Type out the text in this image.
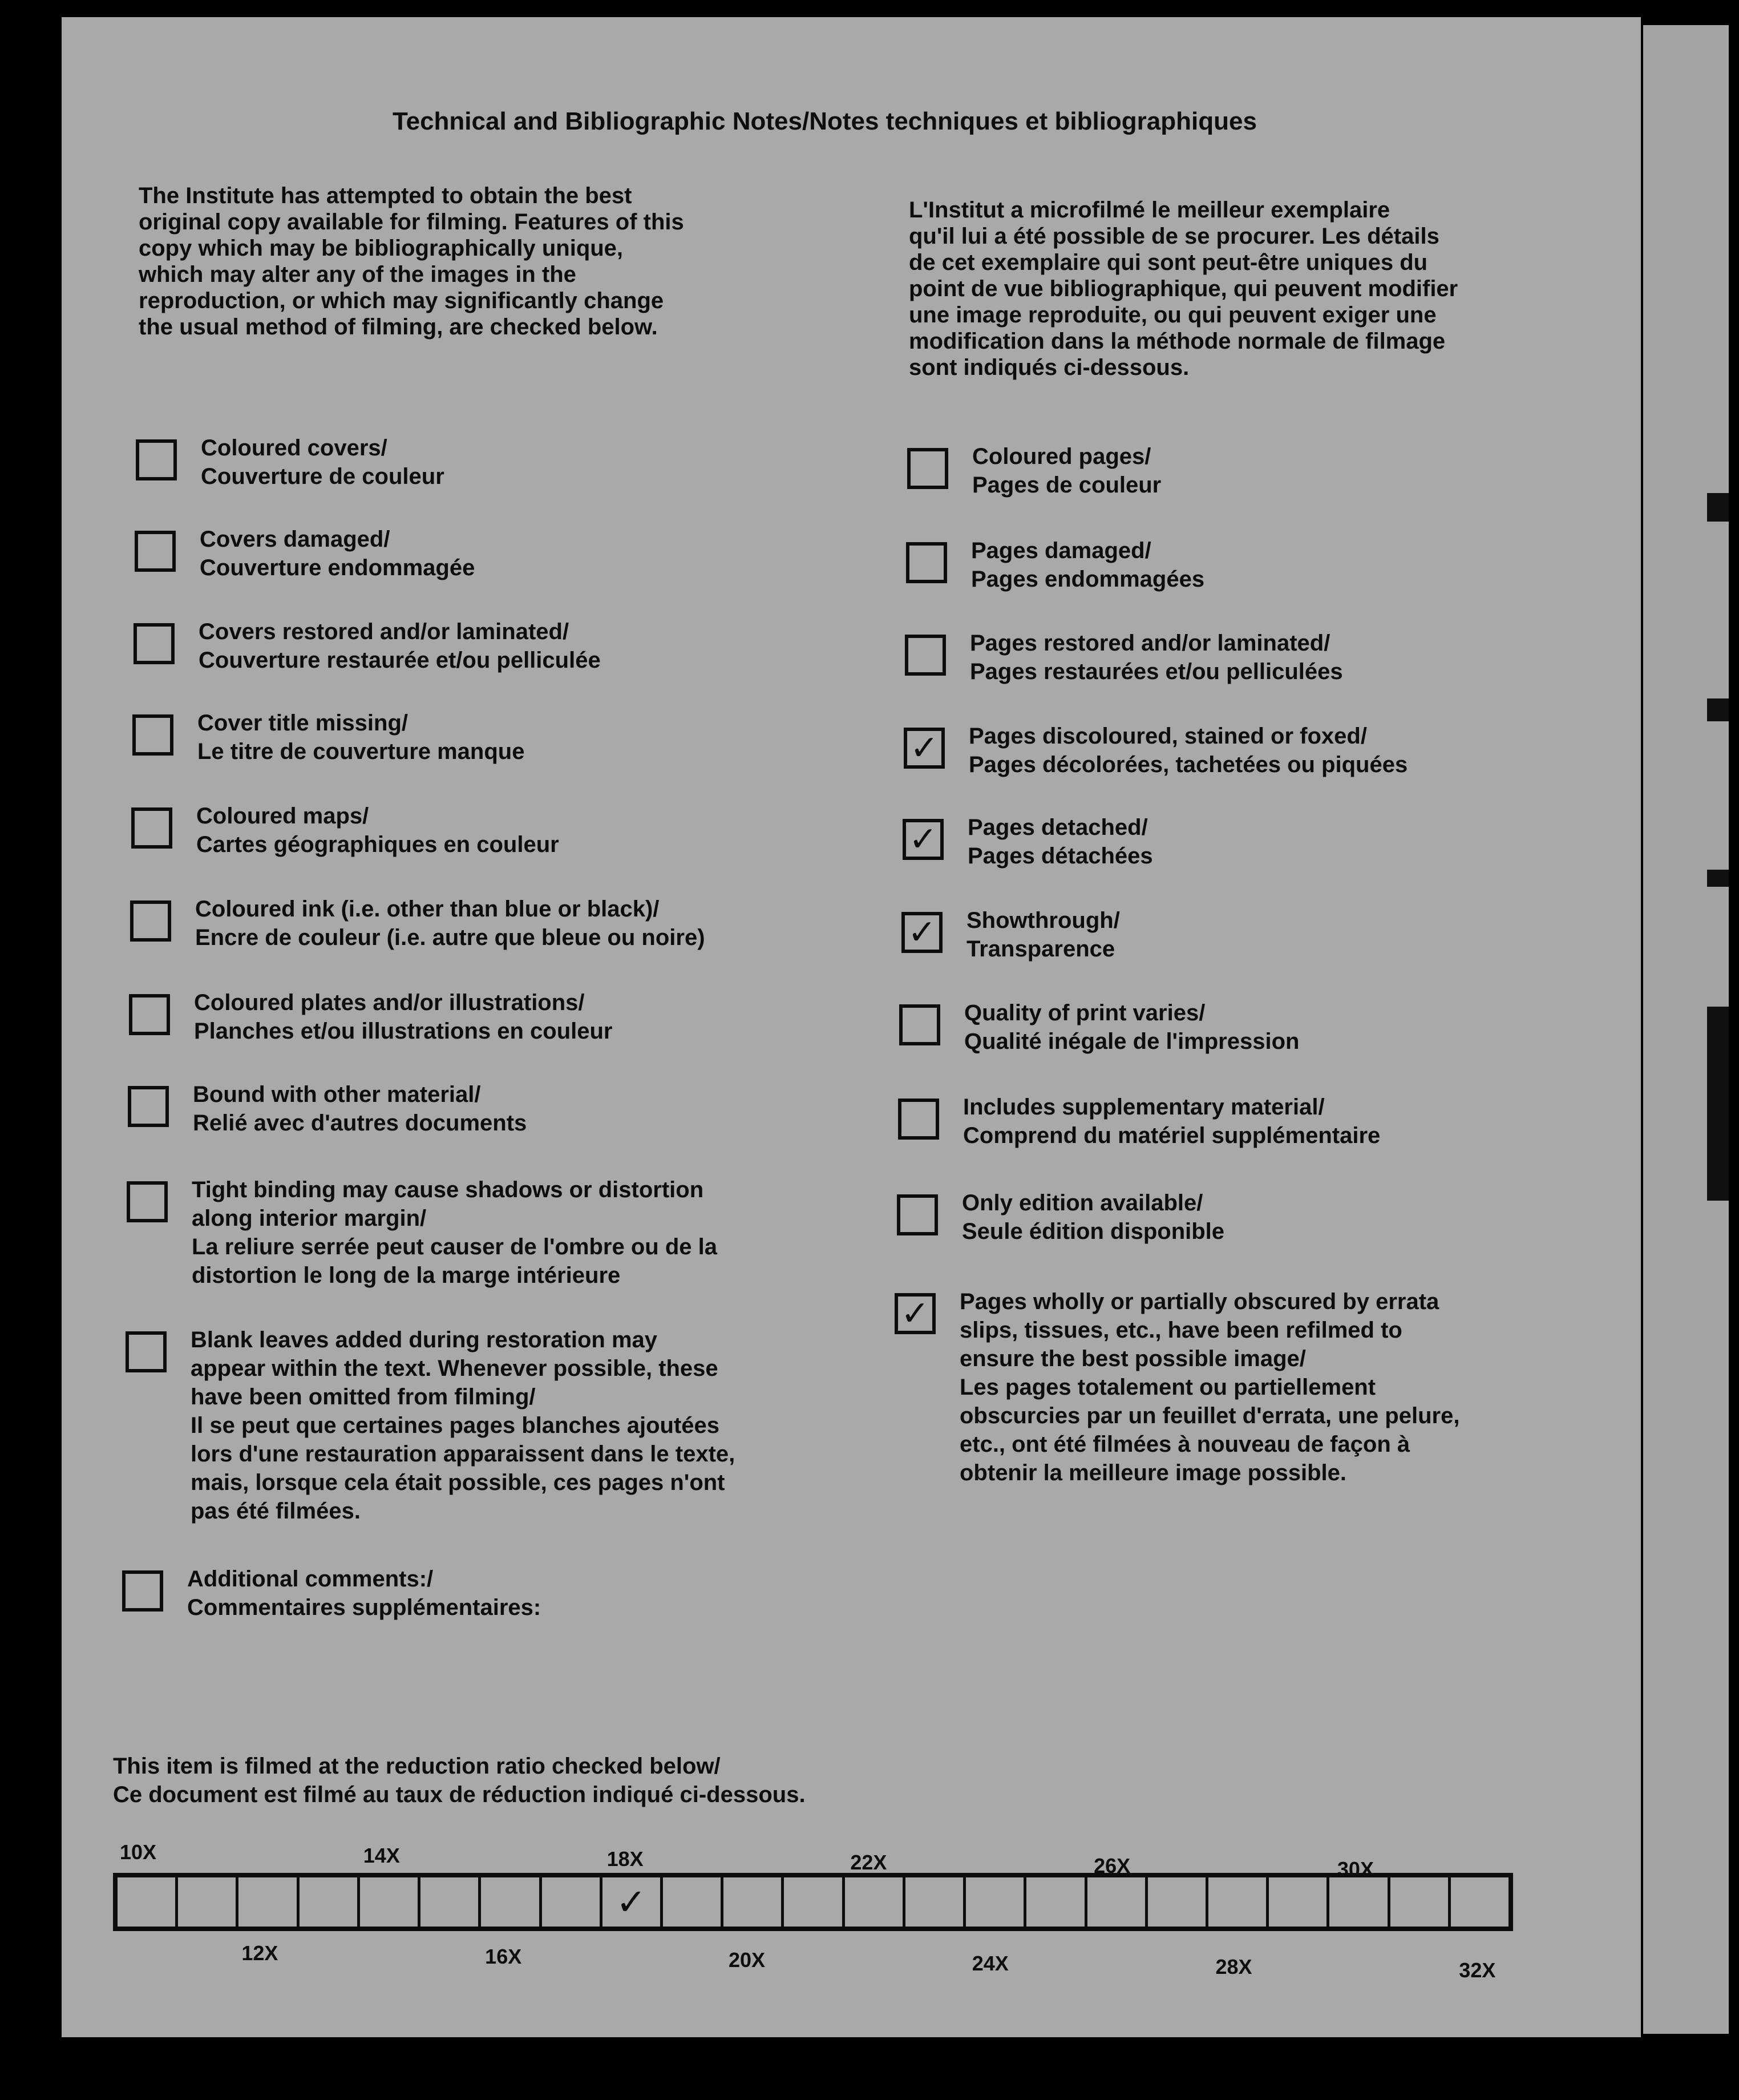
Technical and Bibliographic Notes/Notes techniques et bibliographiques
The Institute has attempted to obtain the best
original copy available for filming. Features of this
copy which may be bibliographically unique,
which may alter any of the images in the
reproduction, or which may significantly change
the usual method of filming, are checked below.
L'Institut a microfilmé le meilleur exemplaire
qu'il lui a été possible de se procurer. Les détails
de cet exemplaire qui sont peut-être uniques du
point de vue bibliographique, qui peuvent modifier
une image reproduite, ou qui peuvent exiger une
modification dans la méthode normale de filmage
sont indiqués ci-dessous.
Coloured covers/
Couverture de couleur
Covers damaged/
Couverture endommagée
Covers restored and/or laminated/
Couverture restaurée et/ou pelliculée
Cover title missing/
Le titre de couverture manque
Coloured maps/
Cartes géographiques en couleur
Coloured ink (i.e. other than blue or black)/
Encre de couleur (i.e. autre que bleue ou noire)
Coloured plates and/or illustrations/
Planches et/ou illustrations en couleur
Bound with other material/
Relié avec d'autres documents
Tight binding may cause shadows or distortion
along interior margin/
La reliure serrée peut causer de l'ombre ou de la
distortion le long de la marge intérieure
Blank leaves added during restoration may
appear within the text. Whenever possible, these
have been omitted from filming/
Il se peut que certaines pages blanches ajoutées
lors d'une restauration apparaissent dans le texte,
mais, lorsque cela était possible, ces pages n'ont
pas été filmées.
Additional comments:/
Commentaires supplémentaires:
Coloured pages/
Pages de couleur
Pages damaged/
Pages endommagées
Pages restored and/or laminated/
Pages restaurées et/ou pelliculées
✓ Pages discoloured, stained or foxed/
Pages décolorées, tachetées ou piquées
✓ Pages detached/
Pages détachées
✓ Showthrough/
Transparence
Quality of print varies/
Qualité inégale de l'impression
Includes supplementary material/
Comprend du matériel supplémentaire
Only edition available/
Seule édition disponible
✓ Pages wholly or partially obscured by errata
slips, tissues, etc., have been refilmed to
ensure the best possible image/
Les pages totalement ou partiellement
obscurcies par un feuillet d'errata, une pelure,
etc., ont été filmées à nouveau de façon à
obtenir la meilleure image possible.
This item is filmed at the reduction ratio checked below/
Ce document est filmé au taux de réduction indiqué ci-dessous.
10X	14X	18X	22X	26X	30X
✓
12X	16X	20X	24X	28X	32X
